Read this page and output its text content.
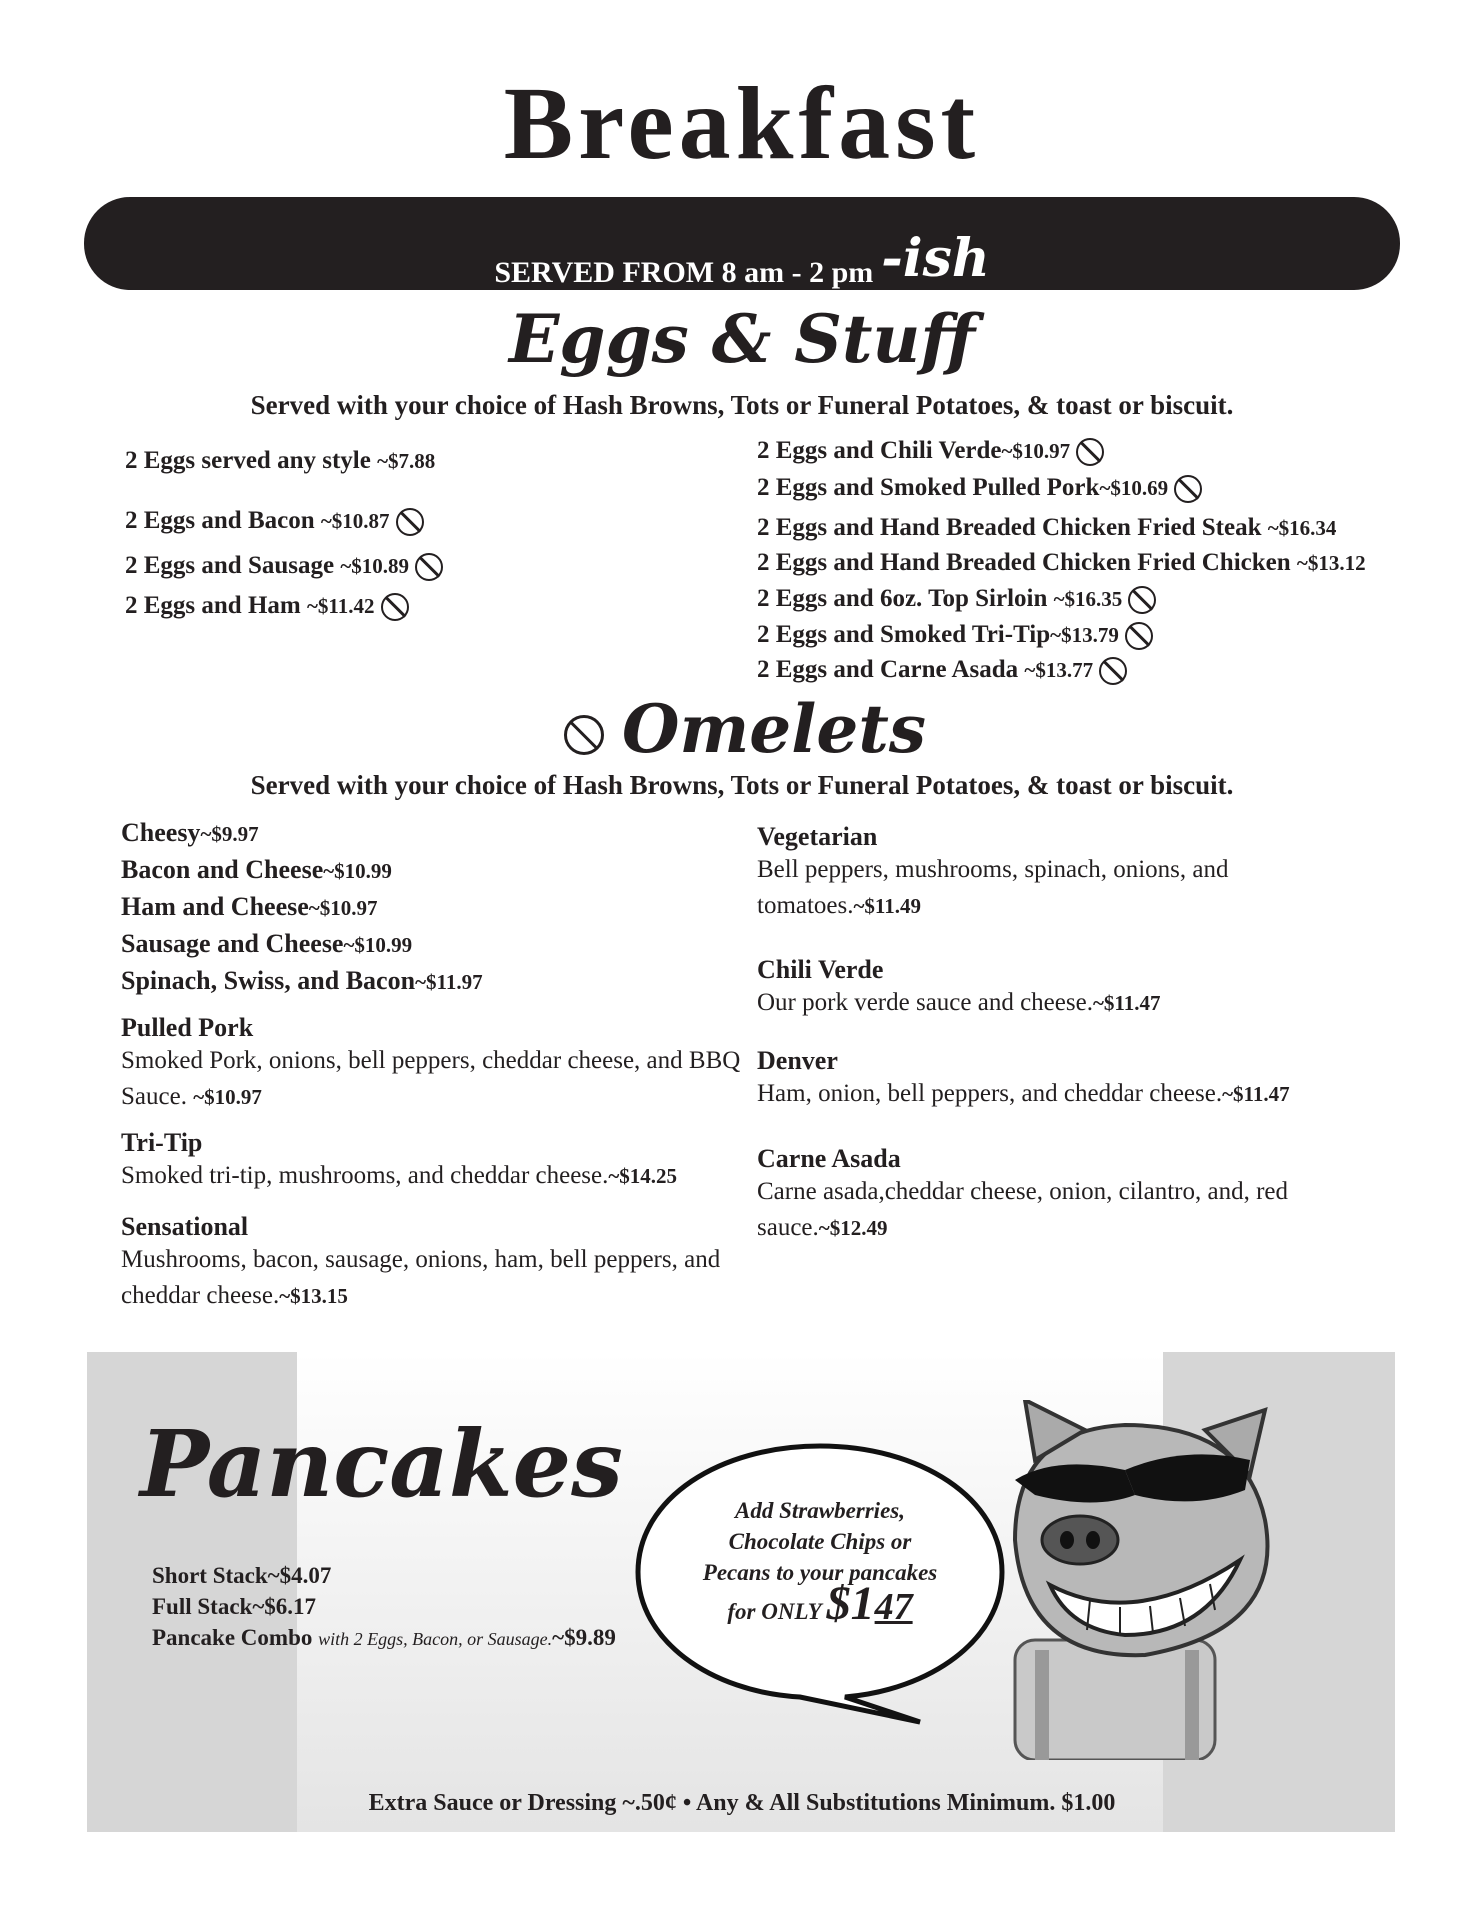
Breakfast
SERVED FROM 8 am - 2 pm -ish
Eggs & Stuff
Served with your choice of Hash Browns, Tots or Funeral Potatoes, & toast or biscuit.
2 Eggs served any style ~$7.88
2 Eggs and Bacon ~$10.87
2 Eggs and Sausage ~$10.89
2 Eggs and Ham ~$11.42
2 Eggs and Chili Verde~$10.97
2 Eggs and Smoked Pulled Pork~$10.69
2 Eggs and Hand Breaded Chicken Fried Steak ~$16.34
2 Eggs and Hand Breaded Chicken Fried Chicken ~$13.12
2 Eggs and 6oz. Top Sirloin ~$16.35
2 Eggs and Smoked Tri-Tip~$13.79
2 Eggs and Carne Asada ~$13.77
Omelets
Served with your choice of Hash Browns, Tots or Funeral Potatoes, & toast or biscuit.
Cheesy~$9.97
Bacon and Cheese~$10.99
Ham and Cheese~$10.97
Sausage and Cheese~$10.99
Spinach, Swiss, and Bacon~$11.97
Pulled Pork
Smoked Pork, onions, bell peppers, cheddar cheese, and BBQ Sauce. ~$10.97
Tri-Tip
Smoked tri-tip, mushrooms, and cheddar cheese.~$14.25
Sensational
Mushrooms, bacon, sausage, onions, ham, bell peppers, and cheddar cheese.~$13.15
Vegetarian
Bell peppers, mushrooms, spinach, onions, and tomatoes.~$11.49
Chili Verde
Our pork verde sauce and cheese.~$11.47
Denver
Ham, onion, bell peppers, and cheddar cheese.~$11.47
Carne Asada
Carne asada,cheddar cheese, onion, cilantro, and, red sauce.~$12.49
Pancakes
Short Stack~$4.07
Full Stack~$6.17
Pancake Combo with 2 Eggs, Bacon, or Sausage.~$9.89
Add Strawberries,
Chocolate Chips or
Pecans to your pancakes
for ONLY $147
Extra Sauce or Dressing ~.50¢ • Any & All Substitutions Minimum. $1.00
